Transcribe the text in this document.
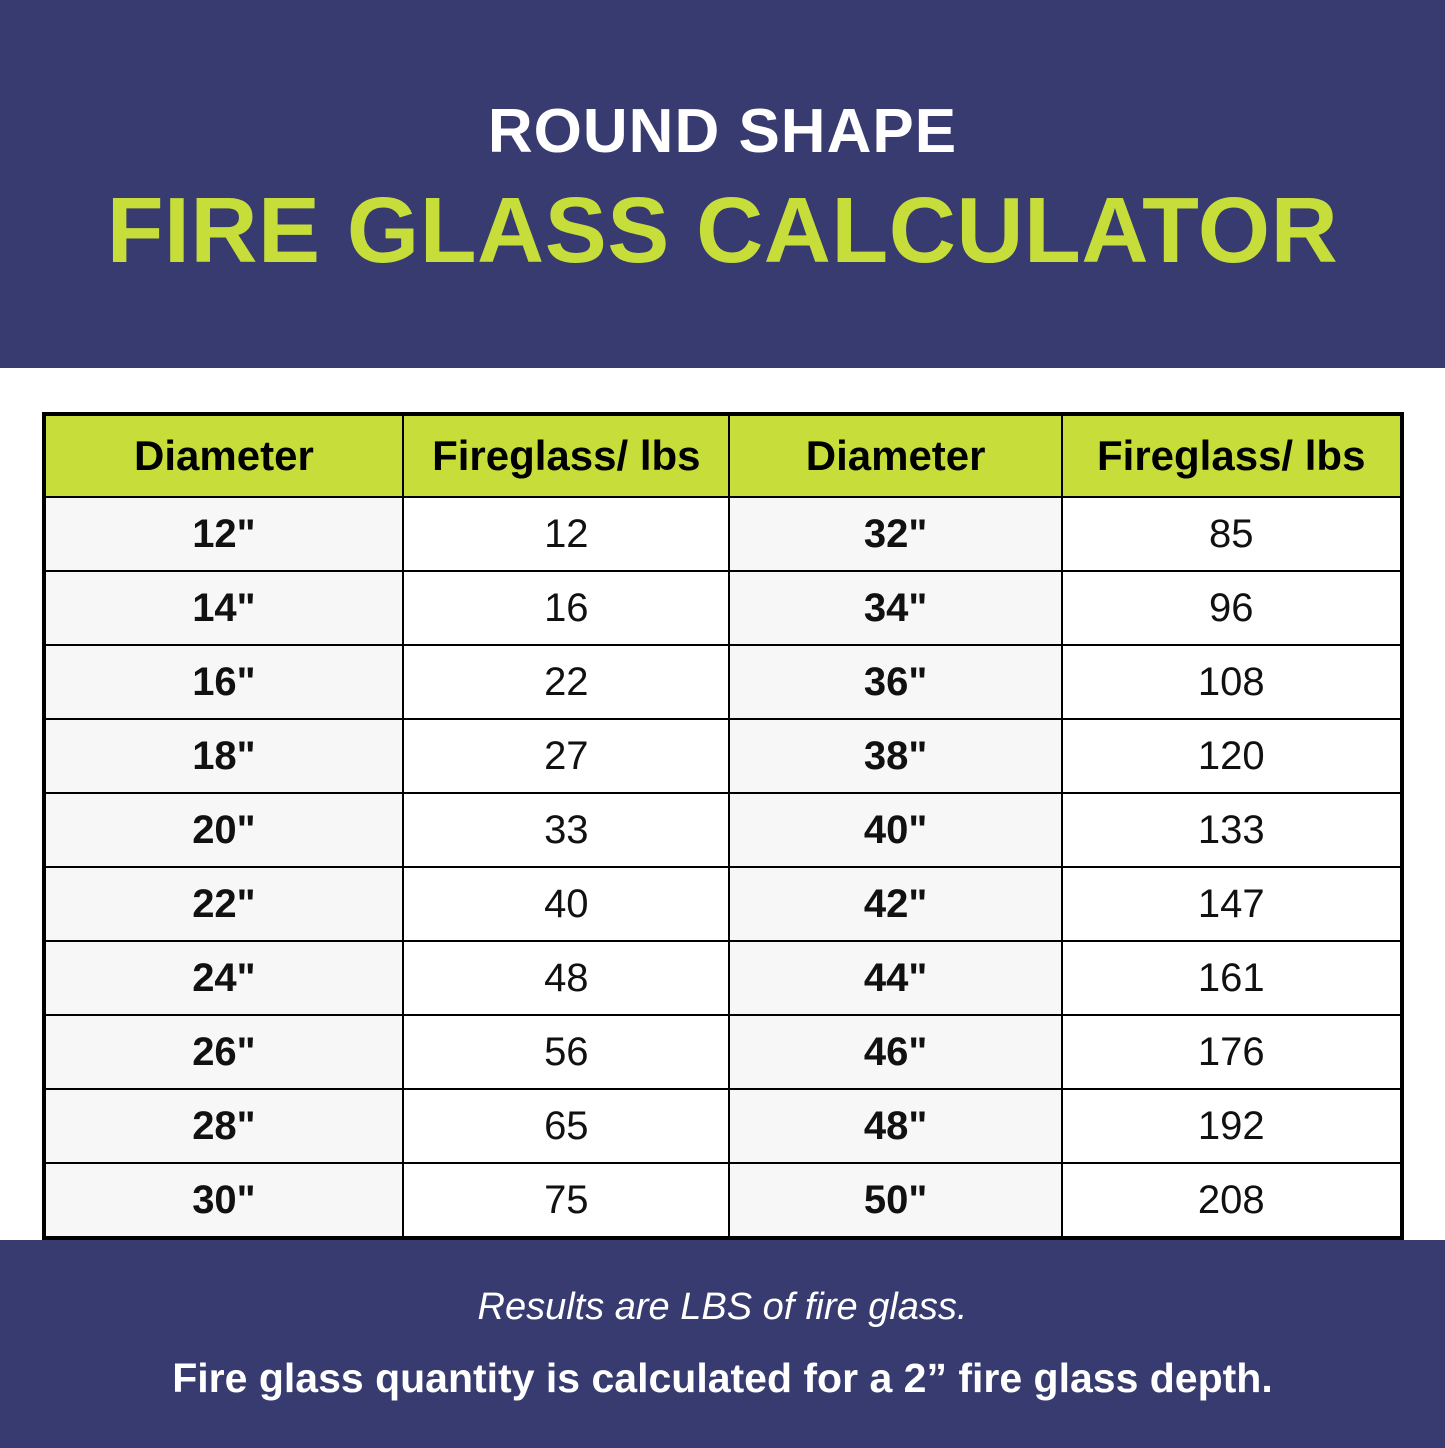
ROUND SHAPE
FIRE GLASS CALCULATOR
Diameter	Fireglass/ lbs	Diameter	Fireglass/ lbs
12"	12	32"	85
14"	16	34"	96
16"	22	36"	108
18"	27	38"	120
20"	33	40"	133
22"	40	42"	147
24"	48	44"	161
26"	56	46"	176
28"	65	48"	192
30"	75	50"	208
Results are LBS of fire glass.
Fire glass quantity is calculated for a 2” fire glass depth.
